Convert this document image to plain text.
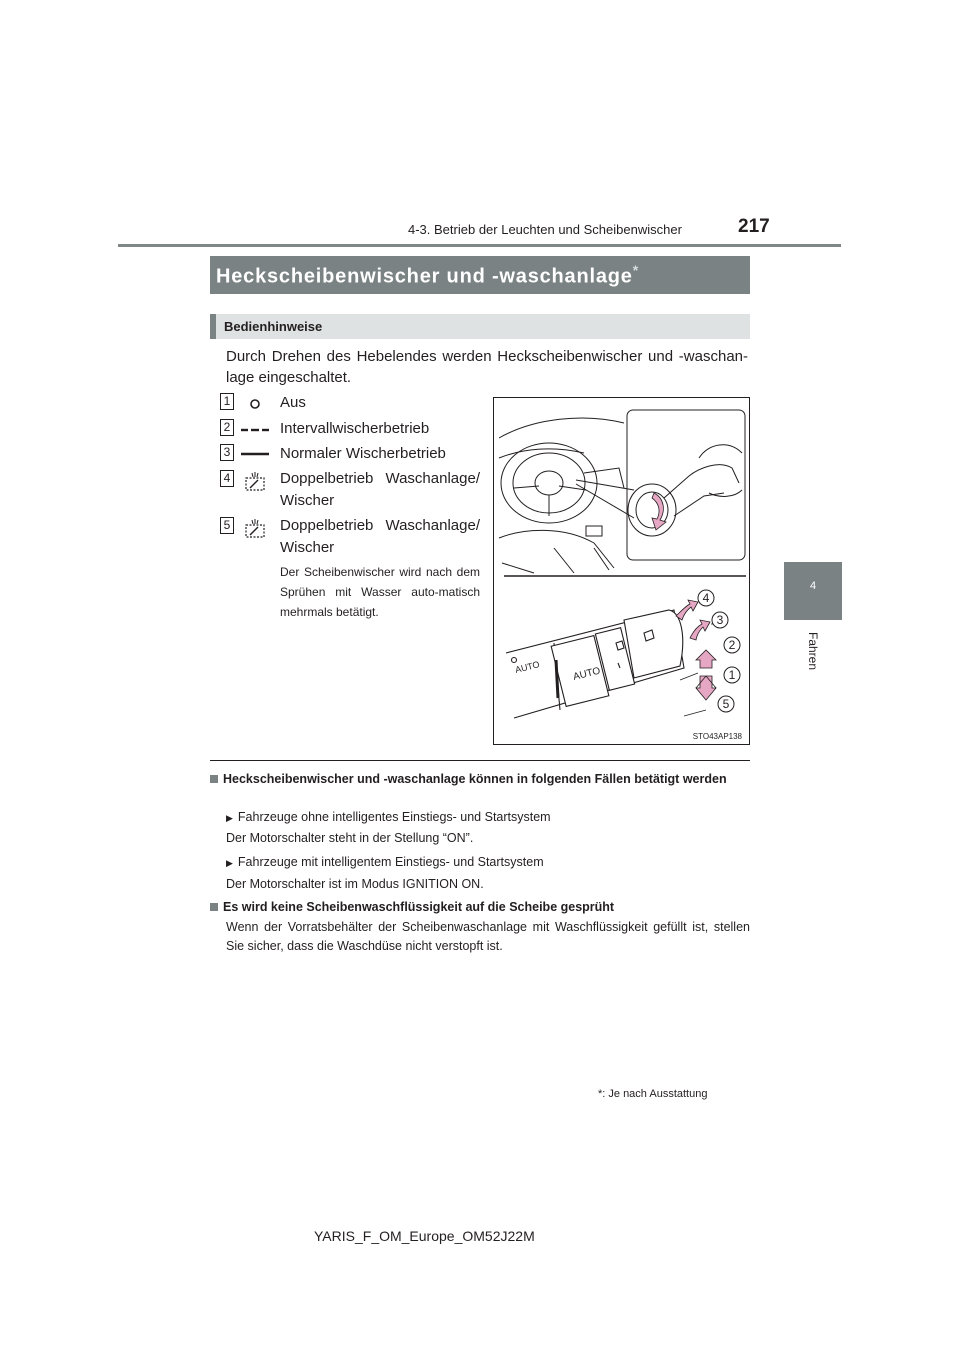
4-3. Betrieb der Leuchten und Scheibenwischer	217
4
Fahren
Heckscheibenwischer und -waschanlage*
Bedienhinweise
Durch Drehen des Hebelendes werden Heckscheibenwischer und -waschan-lage eingeschaltet.
1	Aus
2	Intervallwischerbetrieb
3	Normaler Wischerbetrieb
4	Doppelbetrieb Waschanlage/ Wischer
5	Doppelbetrieb Waschanlage/ Wischer
Der Scheibenwischer wird nach dem Sprühen mit Wasser auto-matisch mehrmals betätigt.
AUTO	AUTO
4
3
2
1
5
STO43AP138
Heckscheibenwischer und -waschanlage können in folgenden Fällen betätigt werden
▶ Fahrzeuge ohne intelligentes Einstiegs- und Startsystem
Der Motorschalter steht in der Stellung “ON”.
▶ Fahrzeuge mit intelligentem Einstiegs- und Startsystem
Der Motorschalter ist im Modus IGNITION ON.
Es wird keine Scheibenwaschflüssigkeit auf die Scheibe gesprüht
Wenn der Vorratsbehälter der Scheibenwaschanlage mit Waschflüssigkeit gefüllt ist, stellen Sie sicher, dass die Waschdüse nicht verstopft ist.
*: Je nach Ausstattung
YARIS_F_OM_Europe_OM52J22M
